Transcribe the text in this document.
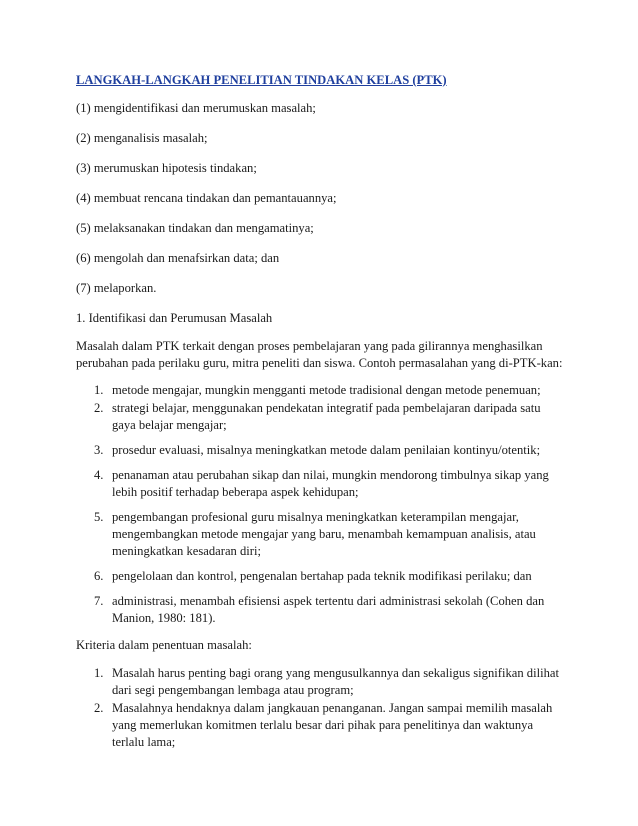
LANGKAH-LANGKAH PENELITIAN TINDAKAN KELAS (PTK)
(1) mengidentifikasi dan merumuskan masalah;
(2) menganalisis masalah;
(3) merumuskan hipotesis tindakan;
(4) membuat rencana tindakan dan pemantauannya;
(5) melaksanakan tindakan dan mengamatinya;
(6) mengolah dan menafsirkan data; dan
(7) melaporkan.
1. Identifikasi dan Perumusan Masalah
Masalah dalam PTK terkait dengan proses pembelajaran yang pada gilirannya menghasilkan
perubahan pada perilaku guru, mitra peneliti dan siswa. Contoh permasalahan yang di-PTK-kan:
1. metode mengajar, mungkin mengganti metode tradisional dengan metode penemuan;
2. strategi belajar, menggunakan pendekatan integratif pada pembelajaran daripada satu
gaya belajar mengajar;
3. prosedur evaluasi, misalnya meningkatkan metode dalam penilaian kontinyu/otentik;
4. penanaman atau perubahan sikap dan nilai, mungkin mendorong timbulnya sikap yang
lebih positif terhadap beberapa aspek kehidupan;
5. pengembangan profesional guru misalnya meningkatkan keterampilan mengajar,
mengembangkan metode mengajar yang baru, menambah kemampuan analisis, atau
meningkatkan kesadaran diri;
6. pengelolaan dan kontrol, pengenalan bertahap pada teknik modifikasi perilaku; dan
7. administrasi, menambah efisiensi aspek tertentu dari administrasi sekolah (Cohen dan
Manion, 1980: 181).
Kriteria dalam penentuan masalah:
1. Masalah harus penting bagi orang yang mengusulkannya dan sekaligus signifikan dilihat
dari segi pengembangan lembaga atau program;
2. Masalahnya hendaknya dalam jangkauan penanganan. Jangan sampai memilih masalah
yang memerlukan komitmen terlalu besar dari pihak para penelitinya dan waktunya
terlalu lama;
